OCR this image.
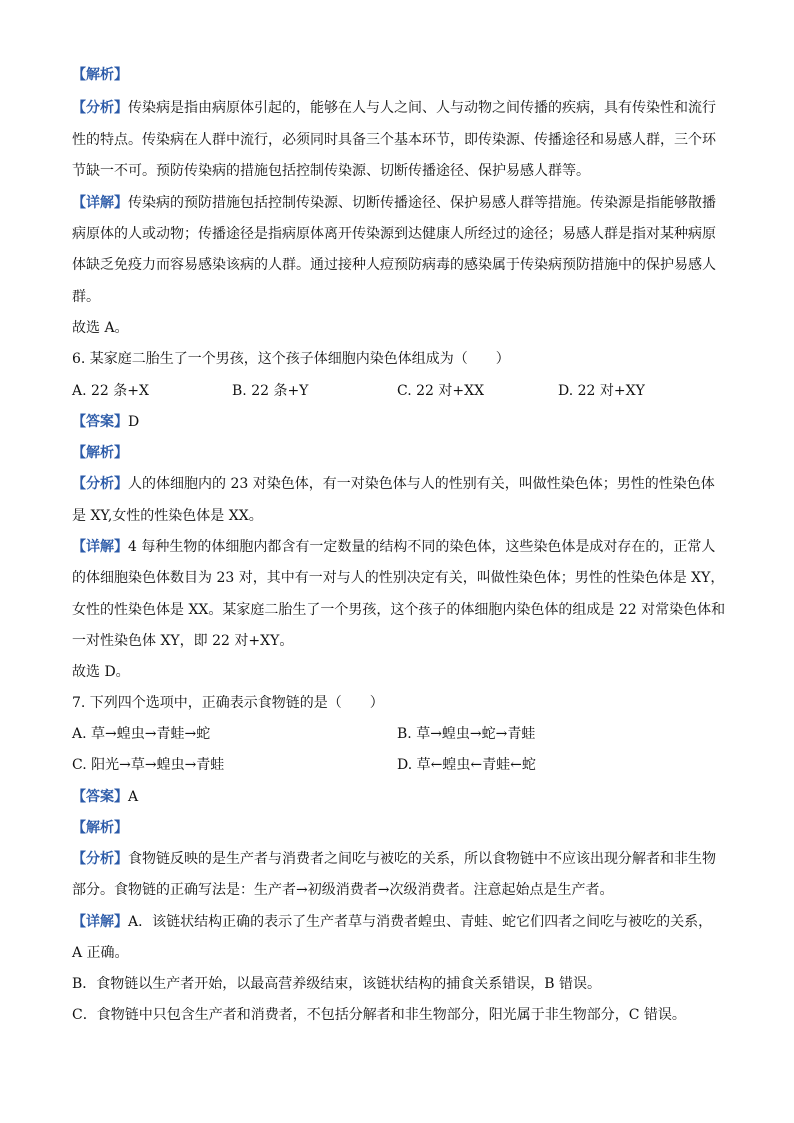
【解析】
【分析】传染病是指由病原体引起的，能够在人与人之间、人与动物之间传播的疾病，具有传染性和流行
性的特点。传染病在人群中流行，必须同时具备三个基本环节，即传染源、传播途径和易感人群，三个环
节缺一不可。预防传染病的措施包括控制传染源、切断传播途径、保护易感人群等。
【详解】传染病的预防措施包括控制传染源、切断传播途径、保护易感人群等措施。传染源是指能够散播
病原体的人或动物；传播途径是指病原体离开传染源到达健康人所经过的途径；易感人群是指对某种病原
体缺乏免疫力而容易感染该病的人群。通过接种人痘预防病毒的感染属于传染病预防措施中的保护易感人
群。
故选 A。
6. 某家庭二胎生了一个男孩，这个孩子体细胞内染色体组成为（　　）
A. 22 条+X	B. 22 条+Y	C. 22 对+XX	D. 22 对+XY
【答案】D
【解析】
【分析】人的体细胞内的 23 对染色体，有一对染色体与人的性别有关，叫做性染色体；男性的性染色体
是 XY,女性的性染色体是 XX。
【详解】4 每种生物的体细胞内都含有一定数量的结构不同的染色体，这些染色体是成对存在的，正常人
的体细胞染色体数目为 23 对，其中有一对与人的性别决定有关，叫做性染色体；男性的性染色体是 XY，
女性的性染色体是 XX。某家庭二胎生了一个男孩，这个孩子的体细胞内染色体的组成是 22 对常染色体和
一对性染色体 XY，即 22 对+XY。
故选 D。
7. 下列四个选项中，正确表示食物链的是（　　）
A. 草→蝗虫→青蛙→蛇	B. 草→蝗虫→蛇→青蛙
C. 阳光→草→蝗虫→青蛙	D. 草←蝗虫←青蛙←蛇
【答案】A
【解析】
【分析】食物链反映的是生产者与消费者之间吃与被吃的关系，所以食物链中不应该出现分解者和非生物
部分。食物链的正确写法是：生产者→初级消费者→次级消费者。注意起始点是生产者。
【详解】A．该链状结构正确的表示了生产者草与消费者蝗虫、青蛙、蛇它们四者之间吃与被吃的关系，
A 正确。
B．食物链以生产者开始，以最高营养级结束，该链状结构的捕食关系错误，B 错误。
C．食物链中只包含生产者和消费者，不包括分解者和非生物部分，阳光属于非生物部分，C 错误。
